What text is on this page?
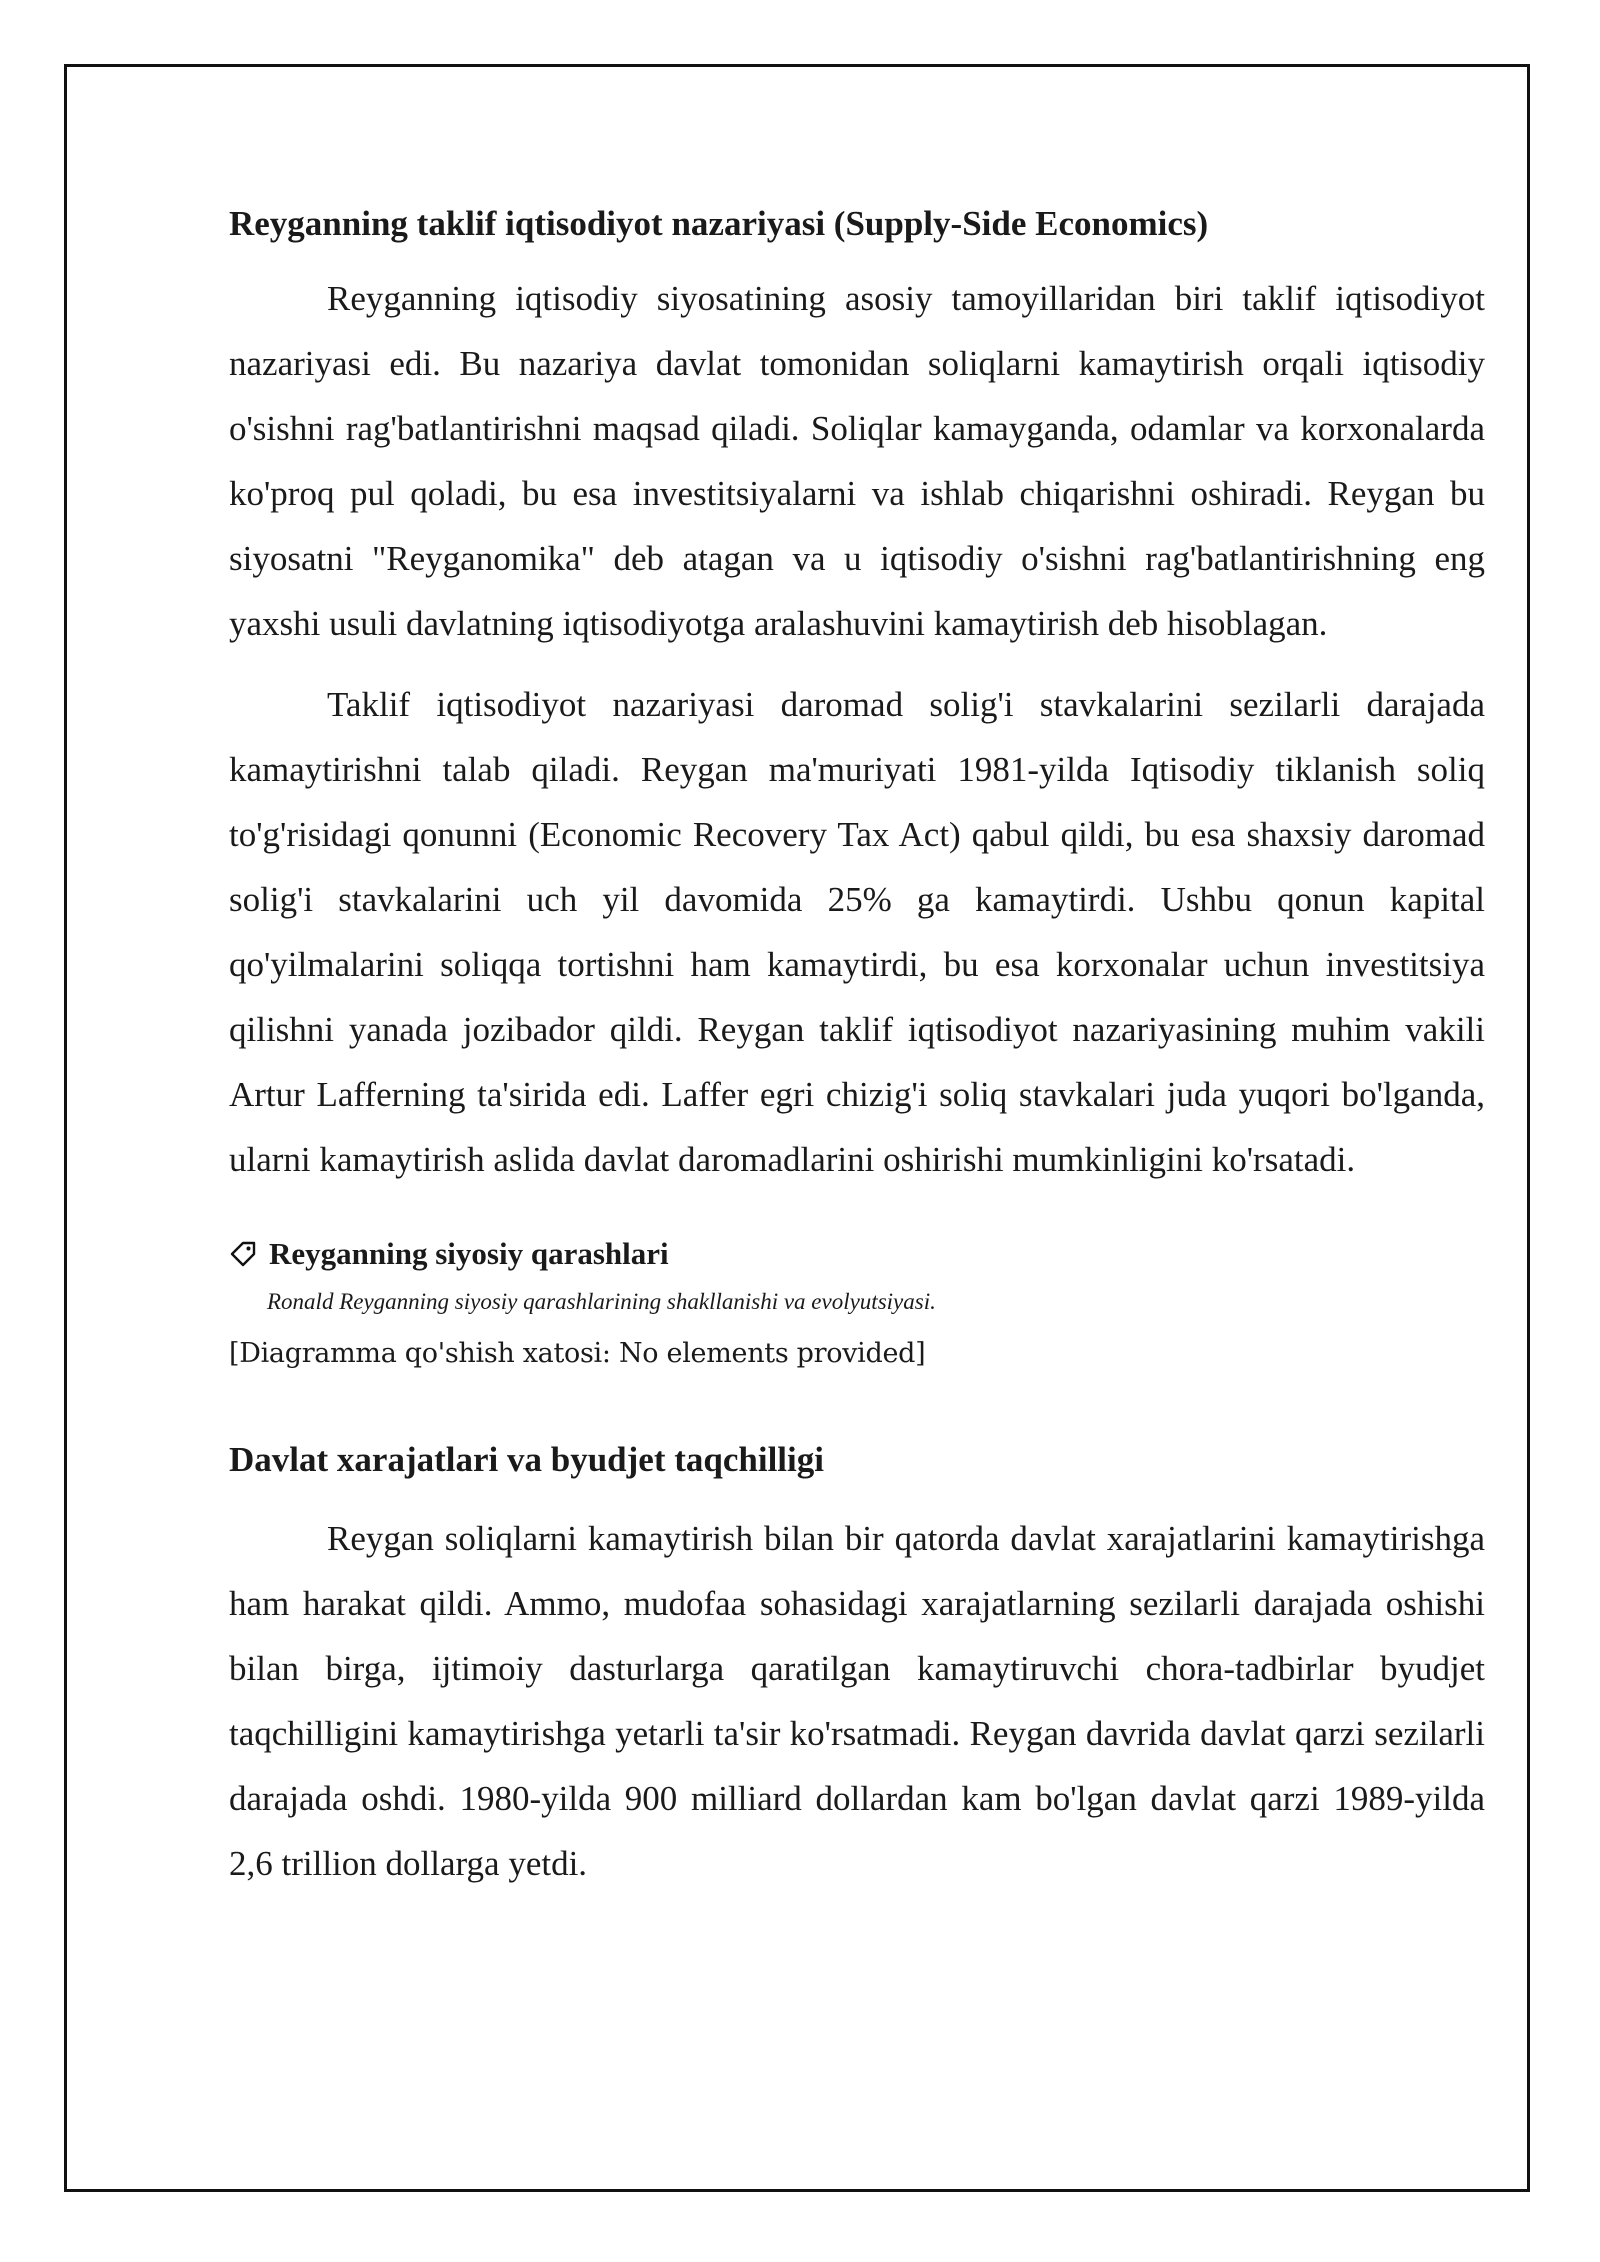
Reyganning taklif iqtisodiyot nazariyasi (Supply-Side Economics)

Reyganning iqtisodiy siyosatining asosiy tamoyillaridan biri taklif iqtisodiyot nazariyasi edi. Bu nazariya davlat tomonidan soliqlarni kamaytirish orqali iqtisodiy o'sishni rag'batlantirishni maqsad qiladi. Soliqlar kamayganda, odamlar va korxonalarda ko'proq pul qoladi, bu esa investitsiyalarni va ishlab chiqarishni oshiradi. Reygan bu siyosatni "Reyganomika" deb atagan va u iqtisodiy o'sishni rag'batlantirishning eng yaxshi usuli davlatning iqtisodiyotga aralashuvini kamaytirish deb hisoblagan.

Taklif iqtisodiyot nazariyasi daromad solig'i stavkalarini sezilarli darajada kamaytirishni talab qiladi. Reygan ma'muriyati 1981-yilda Iqtisodiy tiklanish soliq to'g'risidagi qonunni (Economic Recovery Tax Act) qabul qildi, bu esa shaxsiy daromad solig'i stavkalarini uch yil davomida 25% ga kamaytirdi. Ushbu qonun kapital qo'yilmalarini soliqqa tortishni ham kamaytirdi, bu esa korxonalar uchun investitsiya qilishni yanada jozibador qildi. Reygan taklif iqtisodiyot nazariyasining muhim vakili Artur Lafferning ta'sirida edi. Laffer egri chizig'i soliq stavkalari juda yuqori bo'lganda, ularni kamaytirish aslida davlat daromadlarini oshirishi mumkinligini ko'rsatadi.

Reyganning siyosiy qarashlari
Ronald Reyganning siyosiy qarashlarining shakllanishi va evolyutsiyasi.
[Diagramma qo'shish xatosi: No elements provided]
Davlat xarajatlari va byudjet taqchilligi

Reygan soliqlarni kamaytirish bilan bir qatorda davlat xarajatlarini kamaytirishga ham harakat qildi. Ammo, mudofaa sohasidagi xarajatlarning sezilarli darajada oshishi bilan birga, ijtimoiy dasturlarga qaratilgan kamaytiruvchi chora-tadbirlar byudjet taqchilligini kamaytirishga yetarli ta'sir ko'rsatmadi. Reygan davrida davlat qarzi sezilarli darajada oshdi. 1980-yilda 900 milliard dollardan kam bo'lgan davlat qarzi 1989-yilda 2,6 trillion dollarga yetdi.
